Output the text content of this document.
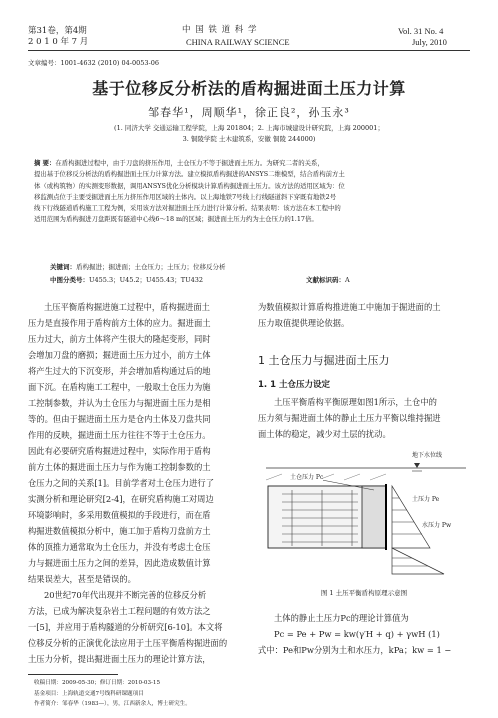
第31卷，第4期
2 0 1 0 年 7 月
中 国 铁 道 科 学
CHINA RAILWAY SCIENCE
Vol. 31 No. 4
July, 2010
文章编号：1001-4632 (2010) 04-0053-06
基于位移反分析法的盾构掘进面土压力计算
邹春华¹，周顺华¹，徐正良²，孙玉永³
(1. 同济大学 交通运输工程学院，上海 201804；2. 上海市城建设计研究院，上海 200001；
3. 铜陵学院 土木建筑系，安徽 铜陵 244000)
摘 要：在盾构掘进过程中，由于刀盘的挤压作用，土仓压力不等于掘进面土压力。为研究二者的关系，
提出基于位移反分析法的盾构掘进面土压力计算方法。建立模拟盾构掘进的ANSYS二维模型，结合盾构前方土
体（或构筑物）的实测变形数据，调用ANSYS优化分析模块计算盾构掘进面土压力。该方法的适用区域为：位
移监测点位于主要受掘进面土压力挤压作用区域的土体内。以上海地铁7号线上行线隧道斜下穿既有地铁2号
线下行线隧道盾构施工工程为例，采用该方法对掘进面土压力进行计算分析。结果表明：该方法在本工程中的
适用范围为盾构掘进刀盘距既有隧道中心线6～18 m的区域；掘进面土压力约为土仓压力的1.17倍。
关键词：盾构掘进；掘进面；土仓压力；土压力；位移反分析
中图分类号：U455.3；U45.2；U455.43；TU432	文献标识码：A
土压平衡盾构掘进施工过程中，盾构掘进面土
压力是直接作用于盾构前方土体的应力。掘进面土
压力过大，前方土体将产生很大的隆起变形，同时
会增加刀盘的磨损；掘进面土压力过小，前方土体
将产生过大的下沉变形，并会增加盾构通过后的地
面下沉。在盾构施工工程中，一般取土仓压力为施
工控制参数，并认为土仓压力与掘进面土压力是相
等的。但由于掘进面土压力是仓内土体及刀盘共同
作用的反映，掘进面土压力往往不等于土仓压力。
因此有必要研究盾构掘进过程中，实际作用于盾构
前方土体的掘进面土压力与作为施工控制参数的土
仓压力之间的关系[1]。目前学者对土仓压力进行了
实测分析和理论研究[2-4]，在研究盾构施工对周边
环境影响时，多采用数值模拟的手段进行，而在盾
构掘进数值模拟分析中，施工加于盾构刀盘前方土
体的顶推力通常取为土仓压力，并没有考虑土仓压
力与掘进面土压力之间的差异，因此造成数值计算
结果误差大，甚至是错误的。
20世纪70年代出现并不断完善的位移反分析
方法，已成为解决复杂岩土工程问题的有效方法之
一[5]，并应用于盾构隧道的分析研究[6-10]。本文将
位移反分析的正演优化法应用于土压平衡盾构掘进面的
土压力分析，提出掘进面土压力的理论计算方法，
为数值模拟计算盾构推进施工中施加于掘进面的土
压力取值提供理论依据。
1 土仓压力与掘进面土压力
1. 1 土仓压力设定
土压平衡盾构平衡原理如图1所示，土仓中的
压力须与掘进面土体的静止土压力平衡以维持掘进
面土体的稳定，减少对土层的扰动。
地下水位线
土仓压力 Pc
土压力 Pe
水压力 Pw
图 1 土压平衡盾构原理示意图
土体的静止土压力Pc的理论计算值为
Pc = Pe + Pw = kw(γ′H + q) + γwH (1)
式中：Pe和Pw分别为土和水压力，kPa；kw = 1 −
收稿日期：2009-05-30；修订日期：2010-03-15
基金项目：上海轨道交通7号线科研课题项目
作者简介：邹春华（1983—），男，江西新余人，博士研究生。
